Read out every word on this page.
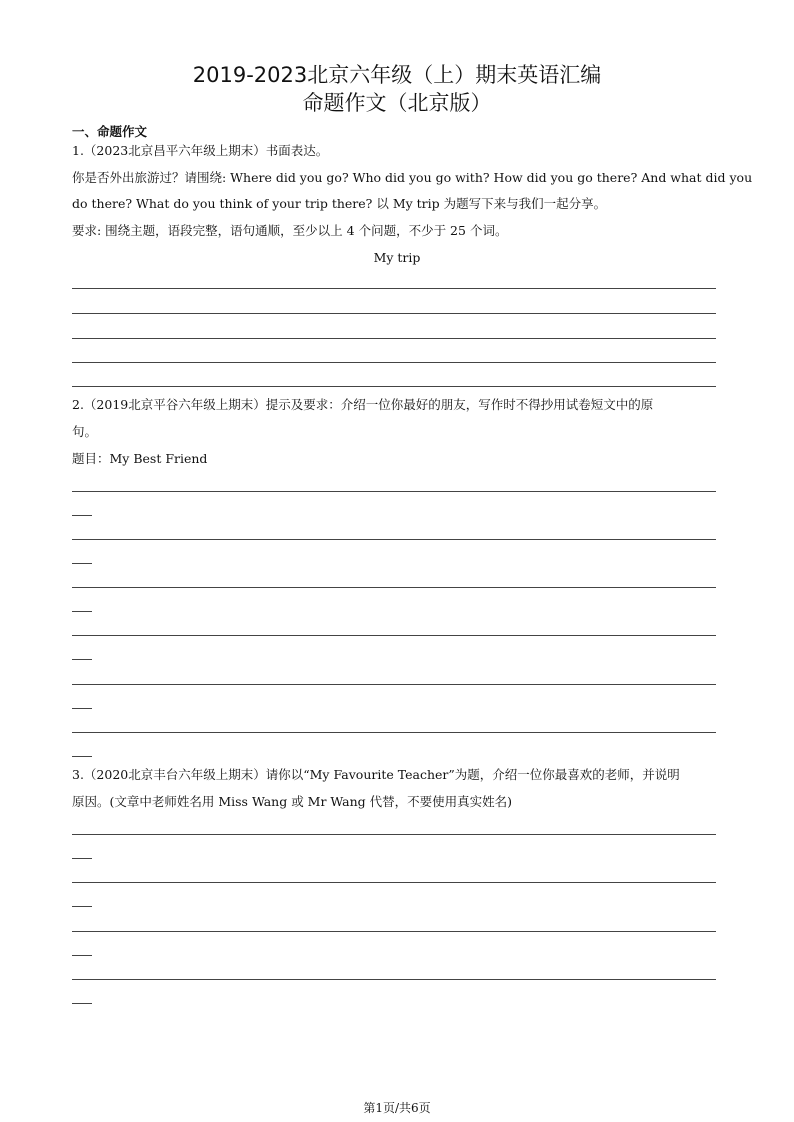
2019-2023北京六年级（上）期末英语汇编
命题作文（北京版）
一、命题作文
1.（2023北京昌平六年级上期末）书面表达。
你是否外出旅游过？请围绕: Where did you go? Who did you go with? How did you go there? And what did you
do there? What do you think of your trip there? 以 My trip 为题写下来与我们一起分享。
要求: 围绕主题，语段完整，语句通顺，至少以上 4 个问题，不少于 25 个词。
My trip
2.（2019北京平谷六年级上期末）提示及要求：介绍一位你最好的朋友，写作时不得抄用试卷短文中的原
句。
题目：My Best Friend
3.（2020北京丰台六年级上期末）请你以“My Favourite Teacher”为题，介绍一位你最喜欢的老师，并说明
原因。(文章中老师姓名用 Miss Wang 或 Mr Wang 代替，不要使用真实姓名)
第1页/共6页
